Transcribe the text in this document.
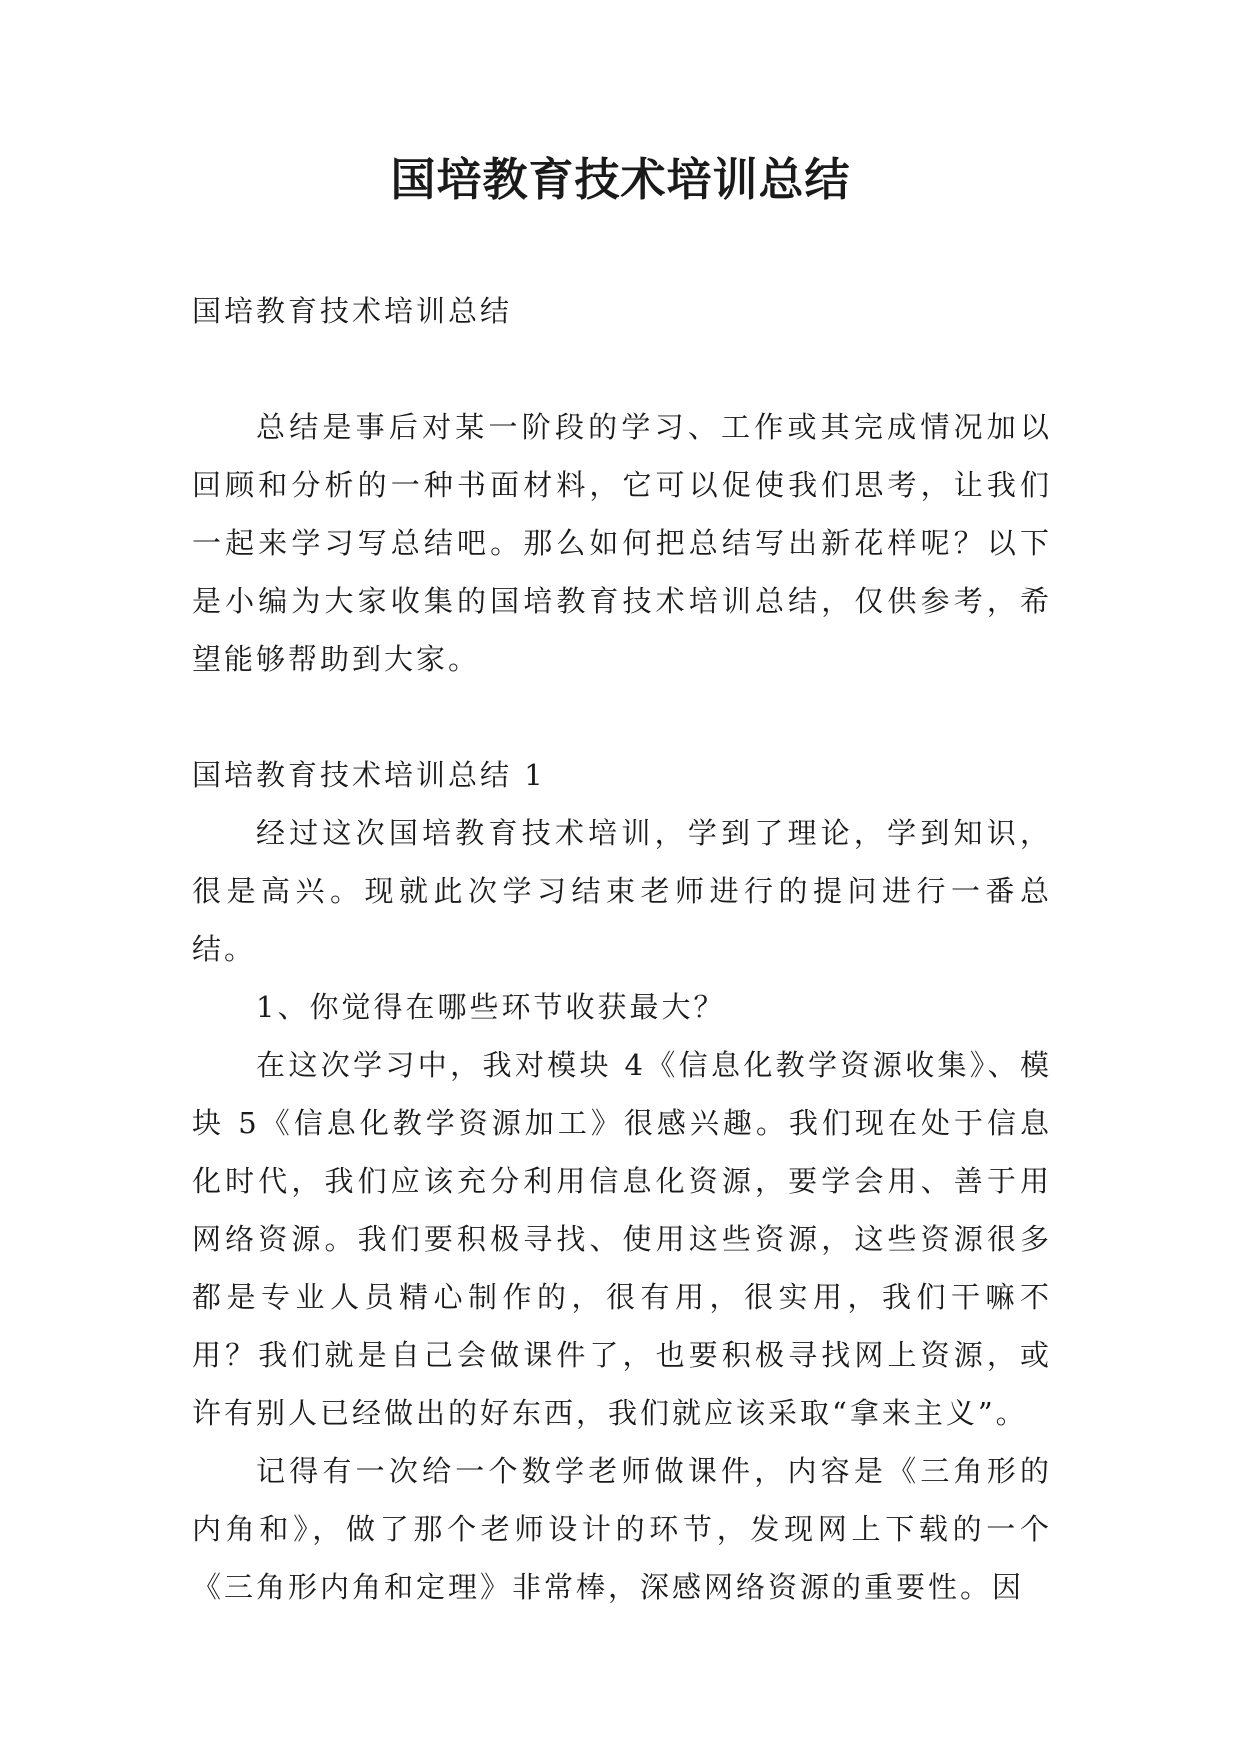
国培教育技术培训总结

国培教育技术培训总结

总结是事后对某一阶段的学习、工作或其完成情况加以回顾和分析的一种书面材料，它可以促使我们思考，让我们一起来学习写总结吧。那么如何把总结写出新花样呢？以下是小编为大家收集的国培教育技术培训总结，仅供参考，希望能够帮助到大家。

国培教育技术培训总结 1

经过这次国培教育技术培训，学到了理论，学到知识，很是高兴。现就此次学习结束老师进行的提问进行一番总结。

1、你觉得在哪些环节收获最大？

在这次学习中，我对模块 4《信息化教学资源收集》、模块 5《信息化教学资源加工》很感兴趣。我们现在处于信息化时代，我们应该充分利用信息化资源，要学会用、善于用网络资源。我们要积极寻找、使用这些资源，这些资源很多都是专业人员精心制作的，很有用，很实用，我们干嘛不用？我们就是自己会做课件了，也要积极寻找网上资源，或许有别人已经做出的好东西，我们就应该采取“拿来主义”。

记得有一次给一个数学老师做课件，内容是《三角形的内角和》，做了那个老师设计的环节，发现网上下载的一个《三角形内角和定理》非常棒，深感网络资源的重要性。因
